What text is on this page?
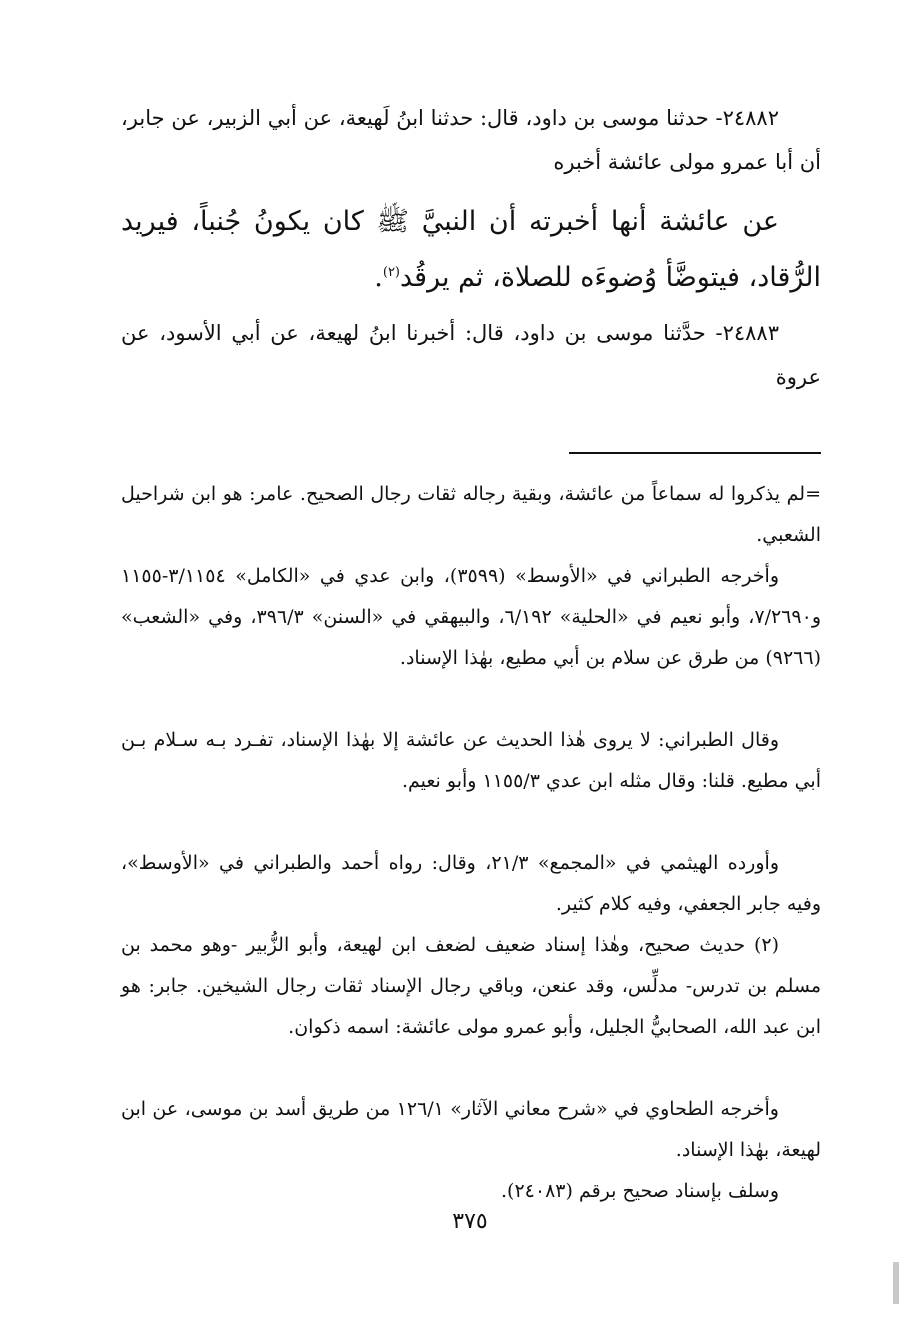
٢٤٨٨٢- حدثنا موسى بن داود، قال: حدثنا ابنُ لَهيعة، عن أبي الزبير، عن جابر، أن أبا عمرو مولى عائشة أخبره

عن عائشة أنها أخبرته أن النبيَّ ﷺ كان يكونُ جُنباً، فيريد الرُّقاد، فيتوضَّأ وُضوءَه للصلاة، ثم يرقُد$^{(٢)}$.

٢٤٨٨٣- حدَّثنا موسى بن داود، قال: أخبرنا ابنُ لهيعة، عن أبي الأسود، عن عروة

=لم يذكروا له سماعاً من عائشة، وبقية رجاله ثقات رجال الصحيح. عامر: هو ابن شراحيل الشعبي.

وأخرجه الطبراني في «الأوسط» (٣٥٩٩)، وابن عدي في «الكامل» ٣/١١٥٤-١١٥٥ و٧/٢٦٩٠، وأبو نعيم في «الحلية» ٦/١٩٢، والبيهقي في «السنن» ٣٩٦/٣، وفي «الشعب» (٩٢٦٦) من طرق عن سلام بن أبي مطيع، بهٰذا الإسناد.

وقال الطبراني: لا يروى هٰذا الحديث عن عائشة إلا بهٰذا الإسناد، تفـرد بـه سـلام بـن أبي مطيع. قلنا: وقال مثله ابن عدي ١١٥٥/٣ وأبو نعيم.

وأورده الهيثمي في «المجمع» ٢١/٣، وقال: رواه أحمد والطبراني في «الأوسط»، وفيه جابر الجعفي، وفيه كلام كثير.

(٢) حديث صحيح، وهٰذا إسناد ضعيف لضعف ابن لهيعة، وأبو الزُّبير -وهو محمد بن مسلم بن تدرس- مدلِّس، وقد عنعن، وباقي رجال الإسناد ثقات رجال الشيخين. جابر: هو ابن عبد الله، الصحابيُّ الجليل، وأبو عمرو مولى عائشة: اسمه ذكوان.

وأخرجه الطحاوي في «شرح معاني الآثار» ١٢٦/١ من طريق أسد بن موسى، عن ابن لهيعة، بهٰذا الإسناد.

وسلف بإسناد صحيح برقم (٢٤٠٨٣).

٣٧٥
